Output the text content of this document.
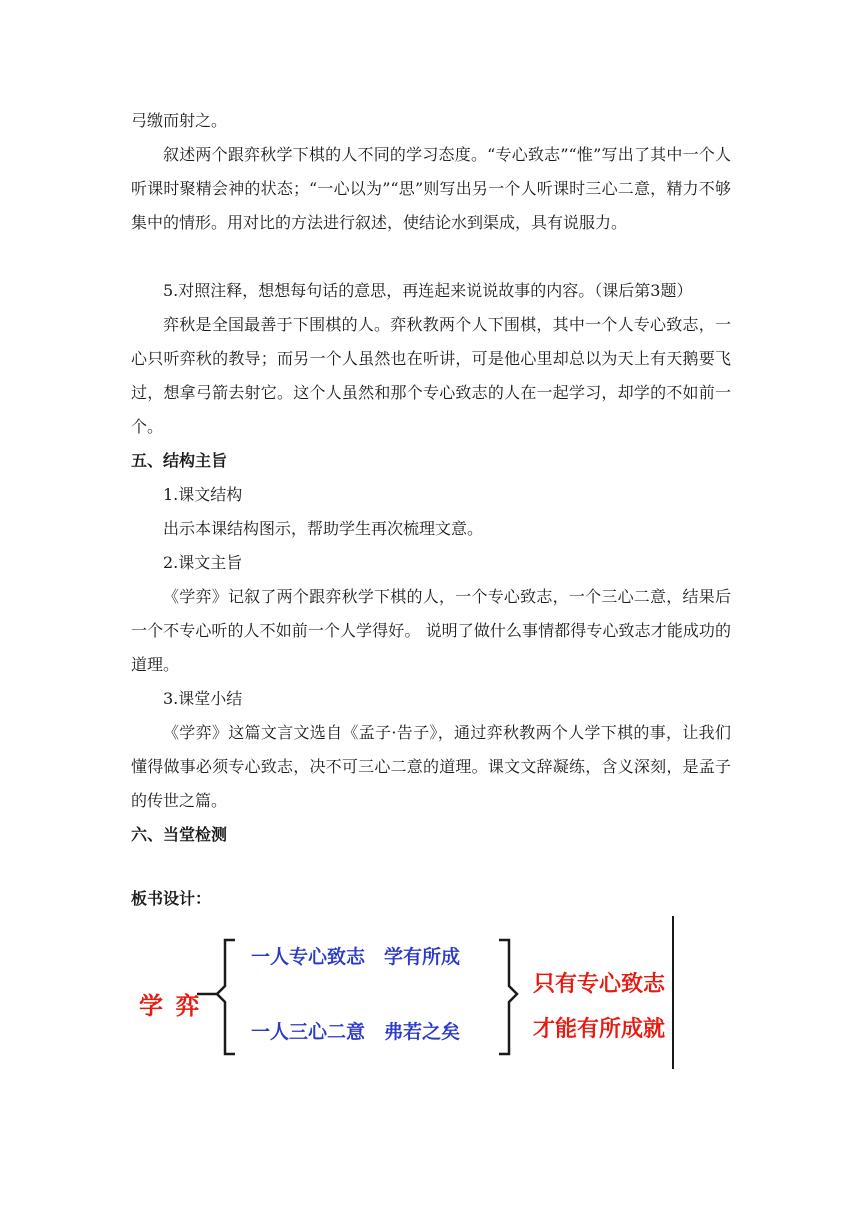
弓缴而射之。

叙述两个跟弈秋学下棋的人不同的学习态度。“专心致志”“惟”写出了其中一个人听课时聚精会神的状态；“一心以为”“思”则写出另一个人听课时三心二意，精力不够集中的情形。用对比的方法进行叙述，使结论水到渠成，具有说服力。

5.对照注释，想想每句话的意思，再连起来说说故事的内容。（课后第3题）

弈秋是全国最善于下围棋的人。弈秋教两个人下围棋，其中一个人专心致志，一心只听弈秋的教导；而另一个人虽然也在听讲，可是他心里却总以为天上有天鹅要飞过，想拿弓箭去射它。这个人虽然和那个专心致志的人在一起学习，却学的不如前一个。

五、结构主旨

1.课文结构

出示本课结构图示，帮助学生再次梳理文意。

2.课文主旨

《学弈》记叙了两个跟弈秋学下棋的人，一个专心致志，一个三心二意，结果后一个不专心听的人不如前一个人学得好。 说明了做什么事情都得专心致志才能成功的道理。

3.课堂小结

《学弈》这篇文言文选自《孟子·告子》，通过弈秋教两个人学下棋的事，让我们懂得做事必须专心致志，决不可三心二意的道理。课文文辞凝练，含义深刻，是孟子的传世之篇。

六、当堂检测

板书设计：

学 弈
一人专心致志　学有所成
一人三心二意　弗若之矣
只有专心致志
才能有所成就
